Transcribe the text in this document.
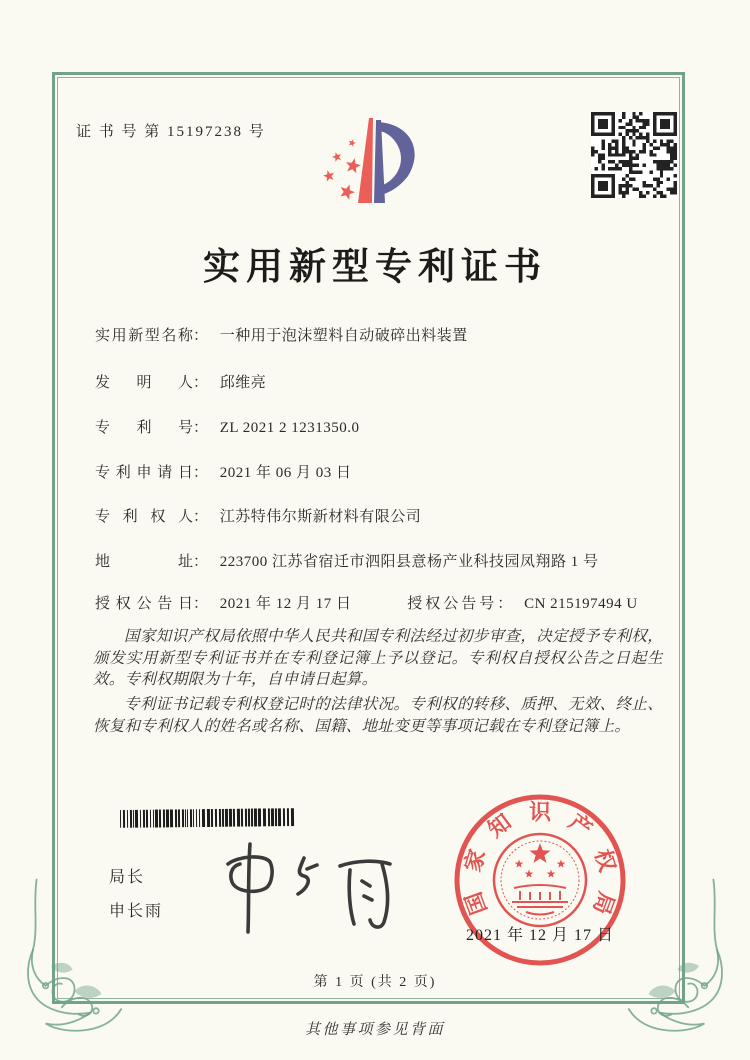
证 书 号 第 15197238 号
实用新型专利证书
实用新型名称： 一种用于泡沫塑料自动破碎出料装置
发明人： 邱维亮
专利号： ZL 2021 2 1231350.0
专利申请日： 2021 年 06 月 03 日
专利权人： 江苏特伟尔斯新材料有限公司
地址： 223700 江苏省宿迁市泗阳县意杨产业科技园凤翔路 1 号
授权公告日： 2021 年 12 月 17 日	授权公告号： CN 215197494 U

国家知识产权局依照中华人民共和国专利法经过初步审查，决定授予专利权，颁发实用新型专利证书并在专利登记簿上予以登记。专利权自授权公告之日起生效。专利权期限为十年，自申请日起算。

专利证书记载专利权登记时的法律状况。专利权的转移、质押、无效、终止、恢复和专利权人的姓名或名称、国籍、地址变更等事项记载在专利登记簿上。

局长
申长雨	国
家
知 识 产
权
局
2021 年 12 月 17 日
第 1 页 (共 2 页)
其他事项参见背面
